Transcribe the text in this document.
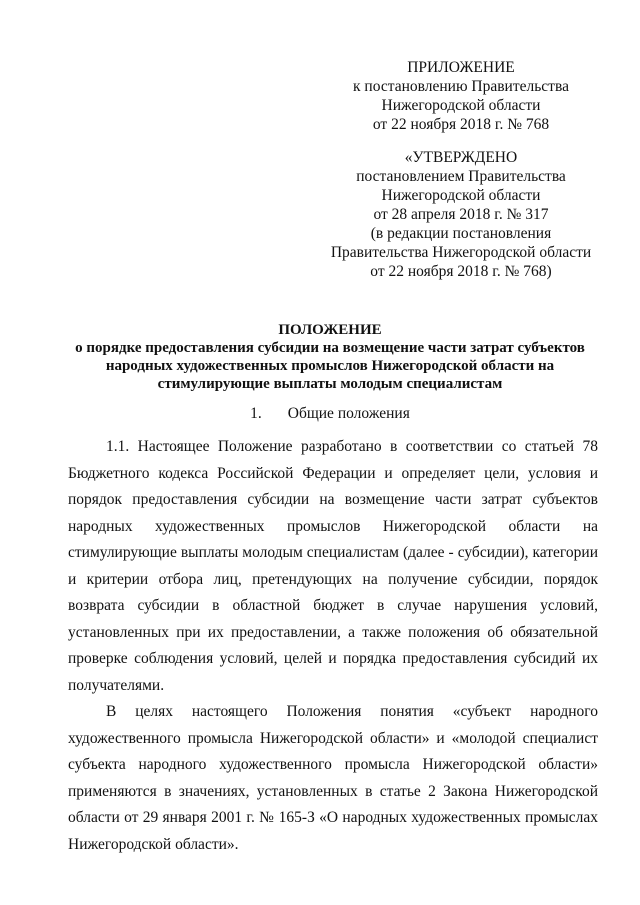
ПРИЛОЖЕНИЕ
к постановлению Правительства
Нижегородской области
от 22 ноября 2018 г. № 768
«УТВЕРЖДЕНО
постановлением Правительства
Нижегородской области
от 28 апреля 2018 г. № 317
(в редакции постановления
Правительства Нижегородской области
от 22 ноября 2018 г. № 768)
ПОЛОЖЕНИЕ
о порядке предоставления субсидии на возмещение части затрат субъектов
народных художественных промыслов Нижегородской области на
стимулирующие выплаты молодым специалистам
1. Общие положения

1.1. Настоящее Положение разработано в соответствии со статьей 78 Бюджетного кодекса Российской Федерации и определяет цели, условия и порядок предоставления субсидии на возмещение части затрат субъектов народных художественных промыслов Нижегородской области на стимулирующие выплаты молодым специалистам (далее - субсидии), категории и критерии отбора лиц, претендующих на получение субсидии, порядок возврата субсидии в областной бюджет в случае нарушения условий, установленных при их предоставлении, а также положения об обязательной проверке соблюдения условий, целей и порядка предоставления субсидий их получателями.

В целях настоящего Положения понятия «субъект народного художественного промысла Нижегородской области» и «молодой специалист субъекта народного художественного промысла Нижегородской области» применяются в значениях, установленных в статье 2 Закона Нижегородской области от 29 января 2001 г. № 165-З «О народных художественных промыслах Нижегородской области».
